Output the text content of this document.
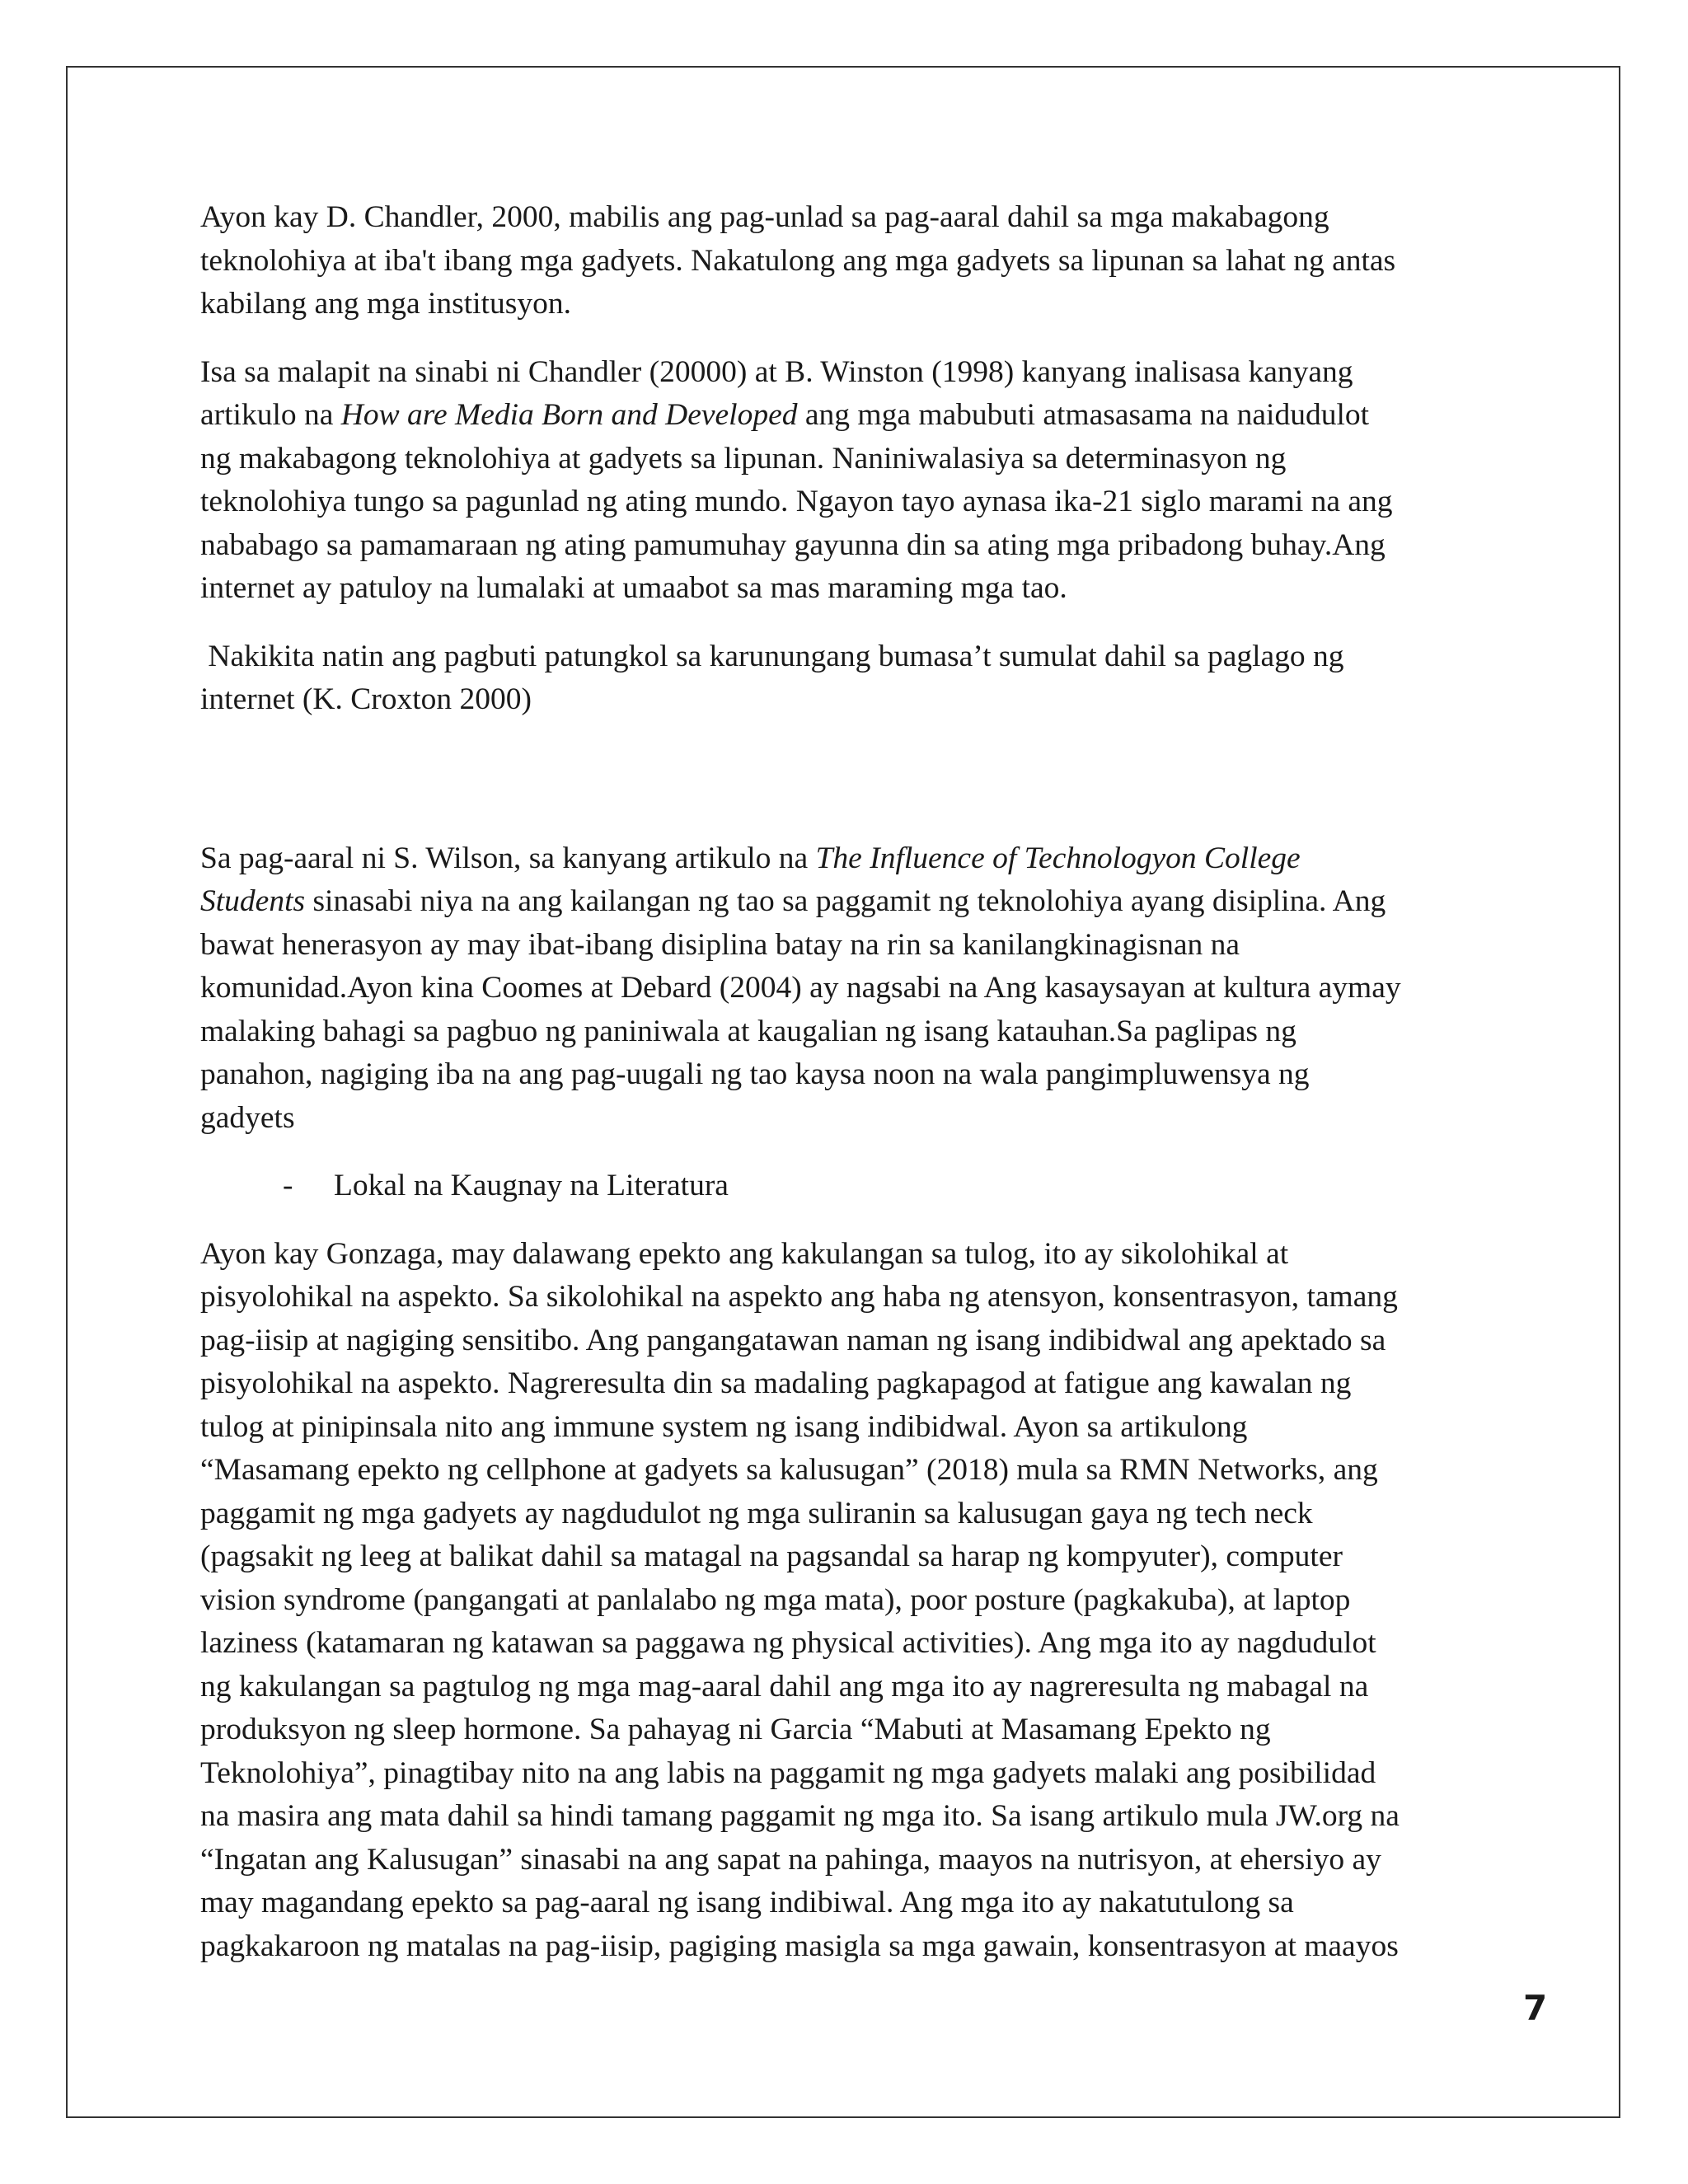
Ayon kay D. Chandler, 2000, mabilis ang pag-unlad sa pag-aaral dahil sa mga makabagong
teknolohiya at iba't ibang mga gadyets. Nakatulong ang mga gadyets sa lipunan sa lahat ng antas
kabilang ang mga institusyon.

Isa sa malapit na sinabi ni Chandler (20000) at B. Winston (1998) kanyang inalisasa kanyang
artikulo na How are Media Born and Developed ang mga mabubuti atmasasama na naidudulot
ng makabagong teknolohiya at gadyets sa lipunan. Naniniwalasiya sa determinasyon ng
teknolohiya tungo sa pagunlad ng ating mundo. Ngayon tayo aynasa ika-21 siglo marami na ang
nababago sa pamamaraan ng ating pamumuhay gayunna din sa ating mga pribadong buhay.Ang
internet ay patuloy na lumalaki at umaabot sa mas maraming mga tao.

Nakikita natin ang pagbuti patungkol sa karunungang bumasa’t sumulat dahil sa paglago ng
internet (K. Croxton 2000)

Sa pag-aaral ni S. Wilson, sa kanyang artikulo na The Influence of Technologyon College
Students sinasabi niya na ang kailangan ng tao sa paggamit ng teknolohiya ayang disiplina. Ang
bawat henerasyon ay may ibat-ibang disiplina batay na rin sa kanilangkinagisnan na
komunidad.Ayon kina Coomes at Debard (2004) ay nagsabi na Ang kasaysayan at kultura aymay
malaking bahagi sa pagbuo ng paniniwala at kaugalian ng isang katauhan.Sa paglipas ng
panahon, nagiging iba na ang pag-uugali ng tao kaysa noon na wala pangimpluwensya ng
gadyets

-	Lokal na Kaugnay na Literatura

Ayon kay Gonzaga, may dalawang epekto ang kakulangan sa tulog, ito ay sikolohikal at
pisyolohikal na aspekto. Sa sikolohikal na aspekto ang haba ng atensyon, konsentrasyon, tamang
pag-iisip at nagiging sensitibo. Ang pangangatawan naman ng isang indibidwal ang apektado sa
pisyolohikal na aspekto. Nagreresulta din sa madaling pagkapagod at fatigue ang kawalan ng
tulog at pinipinsala nito ang immune system ng isang indibidwal. Ayon sa artikulong
“Masamang epekto ng cellphone at gadyets sa kalusugan” (2018) mula sa RMN Networks, ang
paggamit ng mga gadyets ay nagdudulot ng mga suliranin sa kalusugan gaya ng tech neck
(pagsakit ng leeg at balikat dahil sa matagal na pagsandal sa harap ng kompyuter), computer
vision syndrome (pangangati at panlalabo ng mga mata), poor posture (pagkakuba), at laptop
laziness (katamaran ng katawan sa paggawa ng physical activities). Ang mga ito ay nagdudulot
ng kakulangan sa pagtulog ng mga mag-aaral dahil ang mga ito ay nagreresulta ng mabagal na
produksyon ng sleep hormone. Sa pahayag ni Garcia “Mabuti at Masamang Epekto ng
Teknolohiya”, pinagtibay nito na ang labis na paggamit ng mga gadyets malaki ang posibilidad
na masira ang mata dahil sa hindi tamang paggamit ng mga ito. Sa isang artikulo mula JW.org na
“Ingatan ang Kalusugan” sinasabi na ang sapat na pahinga, maayos na nutrisyon, at ehersiyo ay
may magandang epekto sa pag-aaral ng isang indibiwal. Ang mga ito ay nakatutulong sa
pagkakaroon ng matalas na pag-iisip, pagiging masigla sa mga gawain, konsentrasyon at maayos

7
